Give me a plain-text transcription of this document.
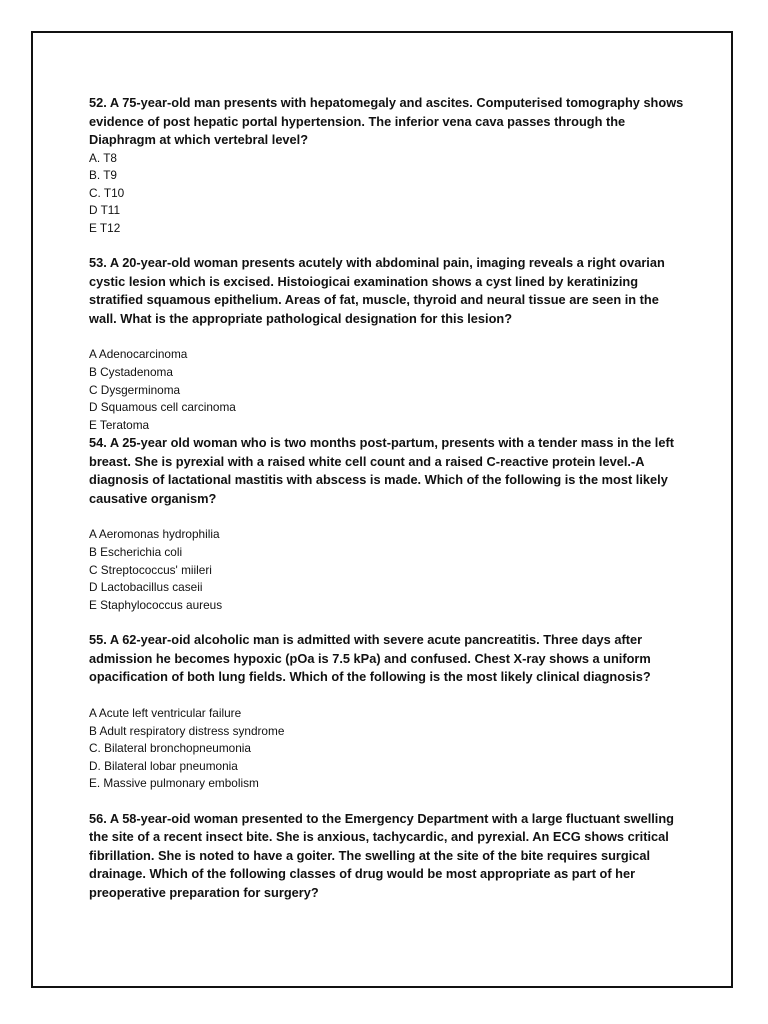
52. A 75-year-old man presents with hepatomegaly and ascites. Computerised tomography shows evidence of post hepatic portal hypertension. The inferior vena cava passes through the Diaphragm at which vertebral level?

A. T8
B. T9
C. T10
D T11
E T12

53. A 20-year-old woman presents acutely with abdominal pain, imaging reveals a right ovarian cystic lesion which is excised. Histoiogicai examination shows a cyst lined by keratinizing stratified squamous epithelium. Areas of fat, muscle, thyroid and neural tissue are seen in the wall. What is the appropriate pathological designation for this lesion?

A Adenocarcinoma
B Cystadenoma
C Dysgerminoma
D Squamous cell carcinoma
E Teratoma

54. A 25-year old woman who is two months post-partum, presents with a tender mass in the left breast. She is pyrexial with a raised white cell count and a raised C-reactive protein level.-A diagnosis of lactational mastitis with abscess is made. Which of the following is the most likely causative organism?

A Aeromonas hydrophilia
B Escherichia coli
C Streptococcus' miileri
D Lactobacillus caseii
E Staphylococcus aureus

55. A 62-year-oid alcoholic man is admitted with severe acute pancreatitis. Three days after admission he becomes hypoxic (pOa is 7.5 kPa) and confused. Chest X-ray shows a uniform opacification of both lung fields. Which of the following is the most likely clinical diagnosis?

A Acute left ventricular failure
B Adult respiratory distress syndrome
C. Bilateral bronchopneumonia
D. Bilateral lobar pneumonia
E. Massive pulmonary embolism

56. A 58-year-oid woman presented to the Emergency Department with a large fluctuant swelling the site of a recent insect bite. She is anxious, tachycardic, and pyrexial. An ECG shows critical fibrillation. She is noted to have a goiter. The swelling at the site of the bite requires surgical drainage. Which of the following classes of drug would be most appropriate as part of her preoperative preparation for surgery?
